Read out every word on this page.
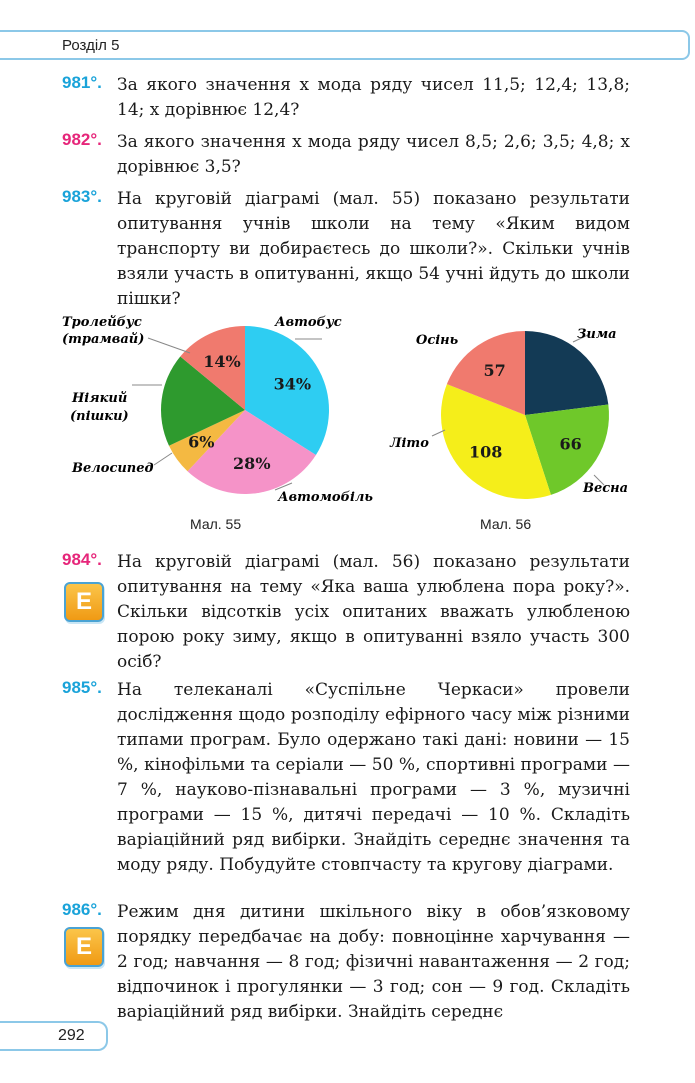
Розділ 5
981°. За якого значення x мода ряду чисел 11,5; 12,4; 13,8; 14; x дорівнює 12,4?
982°. За якого значення x мода ряду чисел 8,5; 2,6; 3,5; 4,8; x дорівнює 3,5?
983°. На круговій діаграмі (мал. 55) показано результати опитування учнів школи на тему «Яким видом транспорту ви добираєтесь до школи?». Скільки учнів взяли участь в опитуванні, якщо 54 учні йдуть до школи пішки?
34%
28%
6%
14%
Автобус
Тролейбус
(трамвай)
Ніякий
(пішки)
Велосипед
Автомобіль
Мал. 55
66
108
57
Зима
Осінь
Літо
Весна
Мал. 56
984°.
E
На круговій діаграмі (мал. 56) показано результати опитування на тему «Яка ваша улюблена пора року?». Скільки відсотків усіх опитаних вважать улюбленою порою року зиму, якщо в опитуванні взяло участь 300 осіб?
985°. На телеканалі «Суспільне Черкаси» провели дослідження щодо розподілу ефірного часу між різними типами програм. Було одержано такі дані: новини — 15 %, кінофільми та серіали — 50 %, спортивні програми — 7 %, науково-пізнавальні програми — 3 %, музичні програми — 15 %, дитячі передачі — 10 %. Складіть варіаційний ряд вибірки. Знайдіть середнє значення та моду ряду. Побудуйте стовпчасту та кругову діаграми.
986°.
E
Режим дня дитини шкільного віку в обов’язковому порядку передбачає на добу: повноцінне харчування — 2 год; навчання — 8 год; фізичні навантаження — 2 год; відпочинок і прогулянки — 3 год; сон — 9 год. Складіть варіаційний ряд вибірки. Знайдіть середнє
292
